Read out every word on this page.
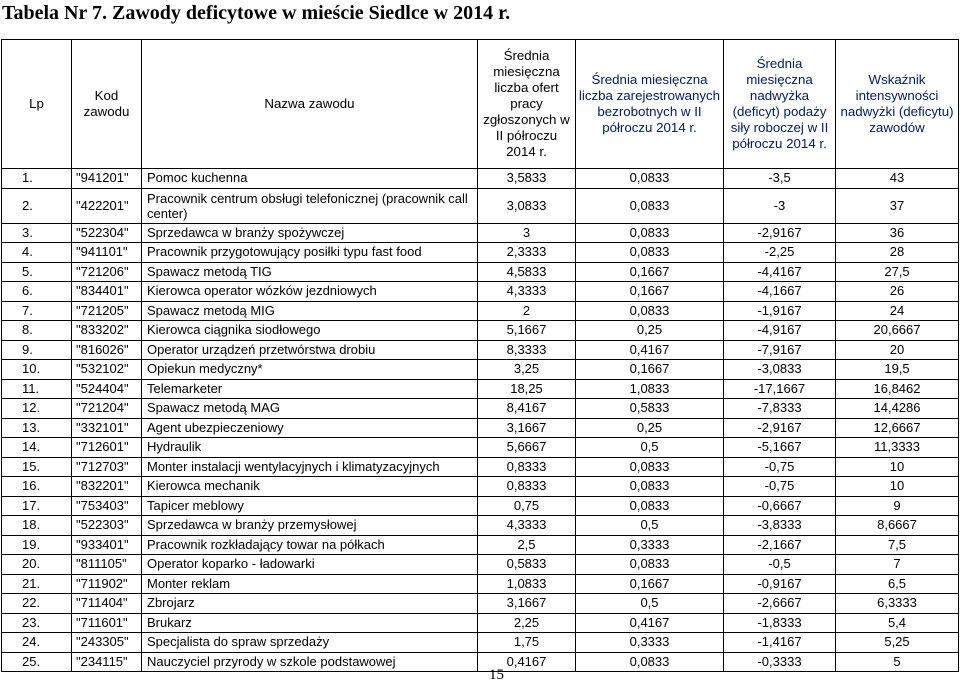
Tabela Nr 7. Zawody deficytowe w mieście Siedlce w 2014 r.
Lp	Kod zawodu	Nazwa zawodu	Średnia miesięczna liczba ofert pracy zgłoszonych w II półroczu 2014 r.	Średnia miesięczna liczba zarejestrowanych bezrobotnych w II półroczu 2014 r.	Średnia miesięczna nadwyżka (deficyt) podaży siły roboczej w II półroczu 2014 r.	Wskaźnik intensywności nadwyżki (deficytu) zawodów
1.	"941201"	Pomoc kuchenna	3,5833	0,0833	-3,5	43
2.	"422201"	Pracownik centrum obsługi telefonicznej (pracownik call center)	3,0833	0,0833	-3	37
3.	"522304"	Sprzedawca w branży spożywczej	3	0,0833	-2,9167	36
4.	"941101"	Pracownik przygotowujący posiłki typu fast food	2,3333	0,0833	-2,25	28
5.	"721206"	Spawacz metodą TIG	4,5833	0,1667	-4,4167	27,5
6.	"834401"	Kierowca operator wózków jezdniowych	4,3333	0,1667	-4,1667	26
7.	"721205"	Spawacz metodą MIG	2	0,0833	-1,9167	24
8.	"833202"	Kierowca ciągnika siodłowego	5,1667	0,25	-4,9167	20,6667
9.	"816026"	Operator urządzeń przetwórstwa drobiu	8,3333	0,4167	-7,9167	20
10.	"532102"	Opiekun medyczny*	3,25	0,1667	-3,0833	19,5
11.	"524404"	Telemarketer	18,25	1,0833	-17,1667	16,8462
12.	"721204"	Spawacz metodą MAG	8,4167	0,5833	-7,8333	14,4286
13.	"332101"	Agent ubezpieczeniowy	3,1667	0,25	-2,9167	12,6667
14.	"712601"	Hydraulik	5,6667	0,5	-5,1667	11,3333
15.	"712703"	Monter instalacji wentylacyjnych i klimatyzacyjnych	0,8333	0,0833	-0,75	10
16.	"832201"	Kierowca mechanik	0,8333	0,0833	-0,75	10
17.	"753403"	Tapicer meblowy	0,75	0,0833	-0,6667	9
18.	"522303"	Sprzedawca w branży przemysłowej	4,3333	0,5	-3,8333	8,6667
19.	"933401"	Pracownik rozkładający towar na półkach	2,5	0,3333	-2,1667	7,5
20.	"811105"	Operator koparko - ładowarki	0,5833	0,0833	-0,5	7
21.	"711902"	Monter reklam	1,0833	0,1667	-0,9167	6,5
22.	"711404"	Zbrojarz	3,1667	0,5	-2,6667	6,3333
23.	"711601"	Brukarz	2,25	0,4167	-1,8333	5,4
24.	"243305"	Specjalista do spraw sprzedaży	1,75	0,3333	-1,4167	5,25
25.	"234115"	Nauczyciel przyrody w szkole podstawowej	0,4167	0,0833	-0,3333	5
15
